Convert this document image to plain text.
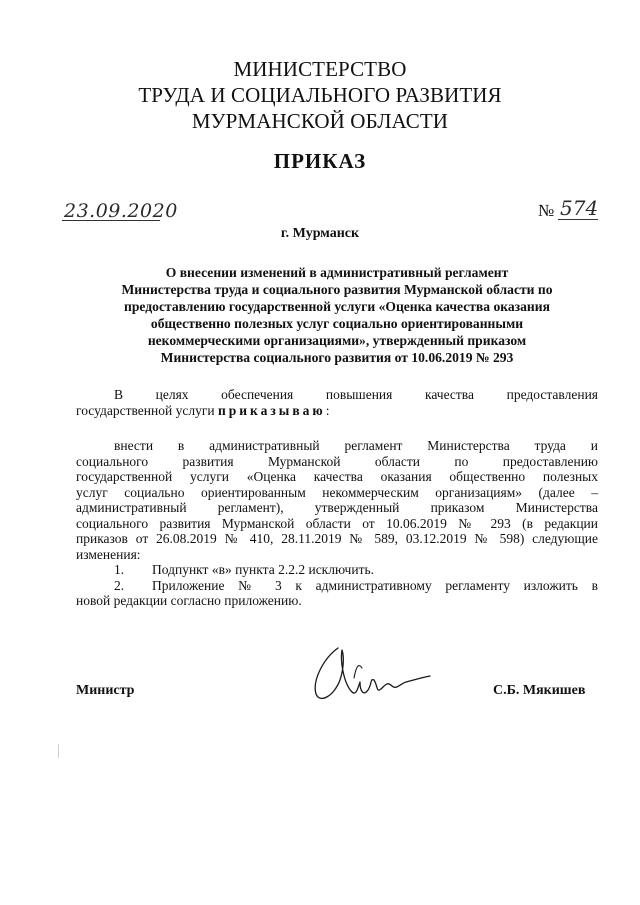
МИНИСТЕРСТВО
ТРУДА И СОЦИАЛЬНОГО РАЗВИТИЯ
МУРМАНСКОЙ ОБЛАСТИ
ПРИКАЗ
23.09.2020	№ 574
г. Мурманск
О внесении изменений в административный регламент
Министерства труда и социального развития Мурманской области по
предоставлению государственной услуги «Оценка качества оказания
общественно полезных услуг социально ориентированными
некоммерческими организациями», утвержденный приказом
Министерства социального развития от 10.06.2019 № 293
В целях обеспечения повышения качества предоставления
государственной услуги приказываю:
внести в административный регламент Министерства труда и
социального развития Мурманской области по предоставлению
государственной услуги «Оценка качества оказания общественно полезных
услуг социально ориентированным некоммерческим организациям» (далее –
административный регламент), утвержденный приказом Министерства
социального развития Мурманской области от 10.06.2019 № 293 (в редакции
приказов от 26.08.2019 № 410, 28.11.2019 № 589, 03.12.2019 № 598) следующие
изменения:
1. Подпункт «в» пункта 2.2.2 исключить.
2. Приложение № 3 к административному регламенту изложить в
новой редакции согласно приложению.
Министр	С.Б. Мякишев
